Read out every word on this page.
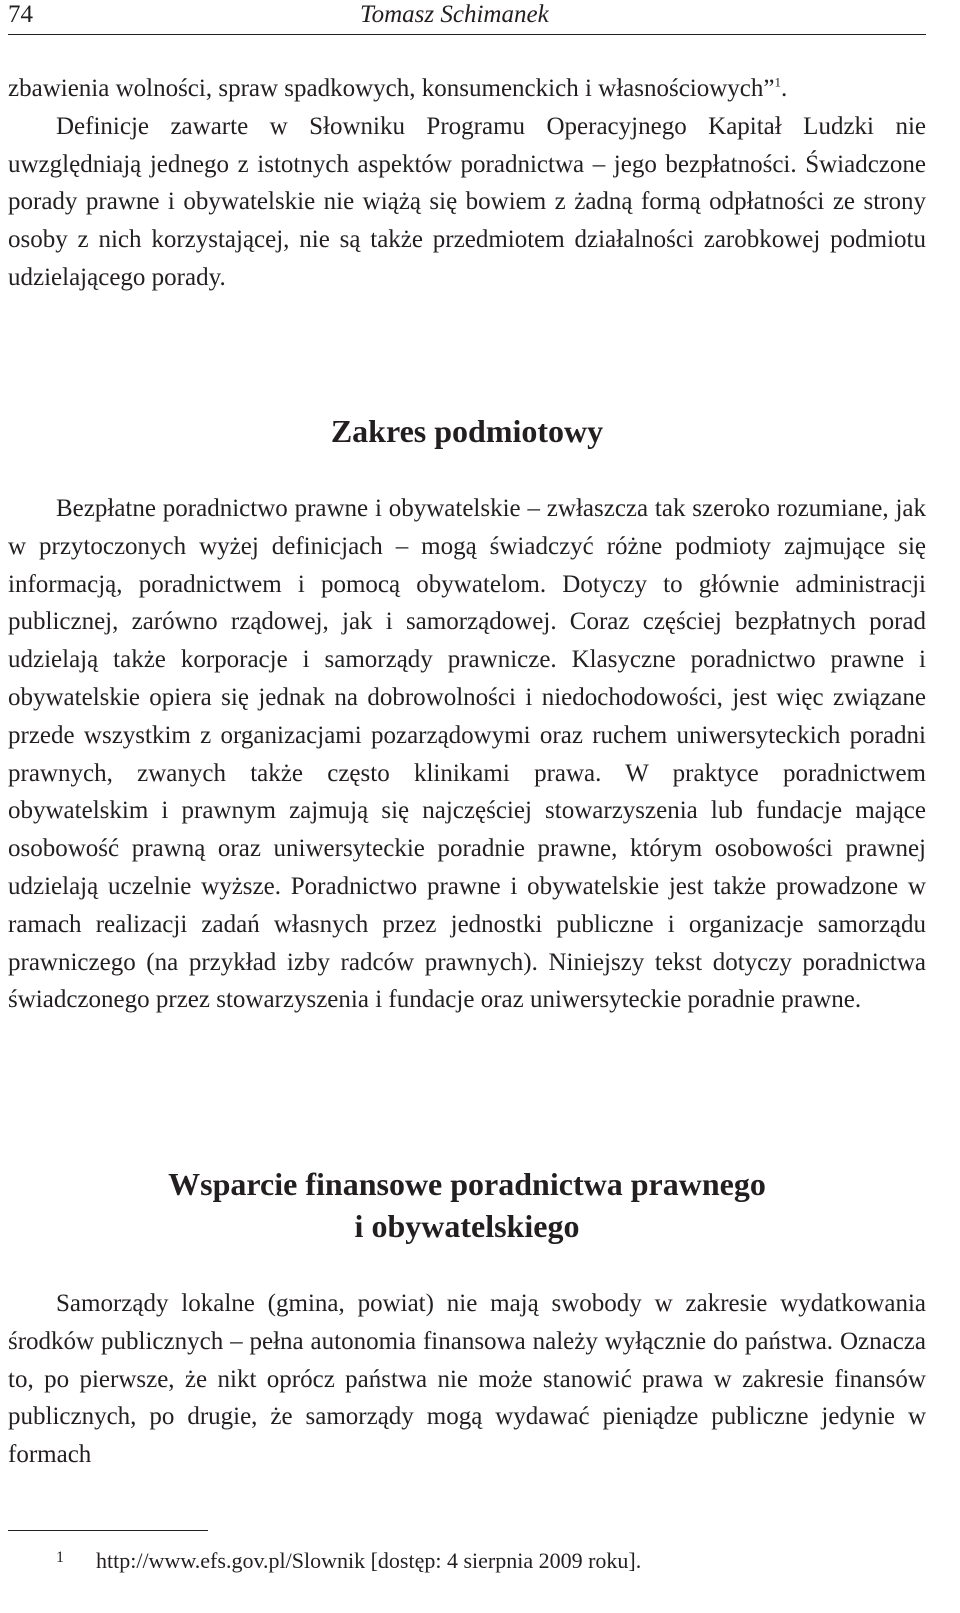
74	Tomasz Schimanek

zbawienia wolności, spraw spadkowych, konsumenckich i własnościowych”$^1$.

Definicje zawarte w Słowniku Programu Operacyjnego Kapitał Ludzki nie uwzględniają jednego z istotnych aspektów poradnictwa – jego bezpłatności. Świadczone porady prawne i obywatelskie nie wiążą się bowiem z żadną formą odpłatności ze strony osoby z nich korzystającej, nie są także przedmiotem działalności zarobkowej podmiotu udzielającego porady.

Zakres podmiotowy

Bezpłatne poradnictwo prawne i obywatelskie – zwłaszcza tak szeroko rozumiane, jak w przytoczonych wyżej definicjach – mogą świadczyć różne podmioty zajmujące się informacją, poradnictwem i pomocą obywatelom. Dotyczy to głównie administracji publicznej, zarówno rządowej, jak i samorządowej. Coraz częściej bezpłatnych porad udzielają także korporacje i samorządy prawnicze. Klasyczne poradnictwo prawne i obywatelskie opiera się jednak na dobrowolności i niedochodowości, jest więc związane przede wszystkim z organizacjami pozarządowymi oraz ruchem uniwersyteckich poradni prawnych, zwanych także często klinikami prawa. W praktyce poradnictwem obywatelskim i prawnym zajmują się najczęściej stowarzyszenia lub fundacje mające osobowość prawną oraz uniwersyteckie poradnie prawne, którym osobowości prawnej udzielają uczelnie wyższe. Poradnictwo prawne i obywatelskie jest także prowadzone w ramach realizacji zadań własnych przez jednostki publiczne i organizacje samorządu prawniczego (na przykład izby radców prawnych). Niniejszy tekst dotyczy poradnictwa świadczonego przez stowarzyszenia i fundacje oraz uniwersyteckie poradnie prawne.

Wsparcie finansowe poradnictwa prawnego
i obywatelskiego

Samorządy lokalne (gmina, powiat) nie mają swobody w zakresie wydatkowania środków publicznych – pełna autonomia finansowa należy wyłącznie do państwa. Oznacza to, po pierwsze, że nikt oprócz państwa nie może stanowić prawa w zakresie finansów publicznych, po drugie, że samorządy mogą wydawać pieniądze publiczne jedynie w formach

1 http://www.efs.gov.pl/Slownik [dostęp: 4 sierpnia 2009 roku].
